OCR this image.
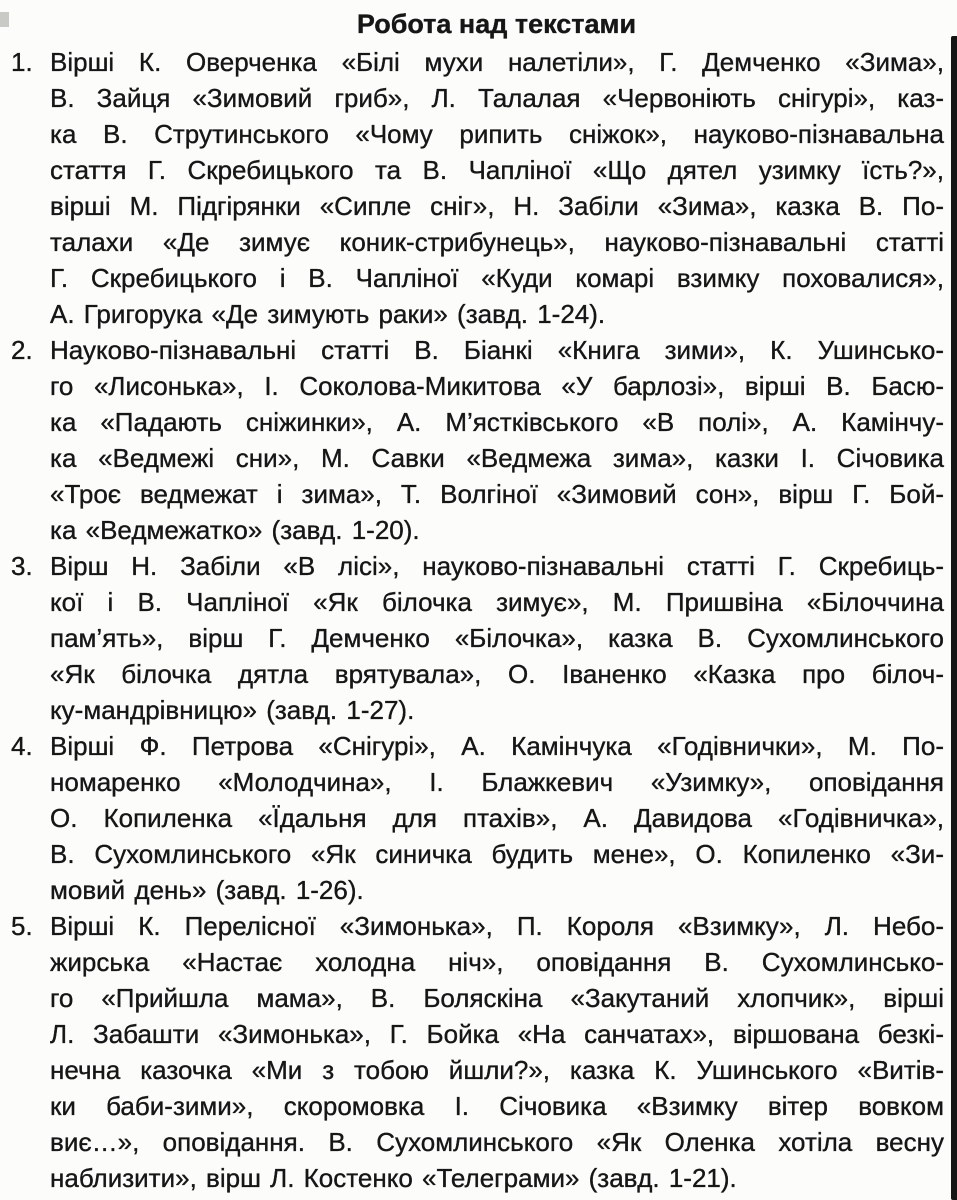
Робота над текстами
1. Вірші К. Оверченка «Білі мухи налетіли», Г. Демченко «Зима»,
В. Зайця «Зимовий гриб», Л. Талалая «Червоніють снігурі», каз-
ка В. Струтинського «Чому рипить сніжок», науково-пізнавальна
стаття Г. Скребицького та В. Чапліної «Що дятел узимку їсть?»,
вірші М. Підгірянки «Сипле сніг», Н. Забіли «Зима», казка В. По-
талахи «Де зимує коник-стрибунець», науково-пізнавальні статті
Г. Скребицького і В. Чапліної «Куди комарі взимку поховалися»,
А. Григорука «Де зимують раки» (завд. 1-24).
2. Науково-пізнавальні статті В. Біанкі «Книга зими», К. Ушинсько-
го «Лисонька», І. Соколова-Микитова «У барлозі», вірші В. Басю-
ка «Падають сніжинки», А. М’ястківського «В полі», А. Камінчу-
ка «Ведмежі сни», М. Савки «Ведмежа зима», казки І. Січовика
«Троє ведмежат і зима», Т. Волгіної «Зимовий сон», вірш Г. Бой-
ка «Ведмежатко» (завд. 1-20).
3. Вірш Н. Забіли «В лісі», науково-пізнавальні статті Г. Скребиць-
кої і В. Чапліної «Як білочка зимує», М. Пришвіна «Білоччина
пам’ять», вірш Г. Демченко «Білочка», казка В. Сухомлинського
«Як білочка дятла врятувала», О. Іваненко «Казка про білоч-
ку-мандрівницю» (завд. 1-27).
4. Вірші Ф. Петрова «Снігурі», А. Камінчука «Годівнички», М. По-
номаренко «Молодчина», І. Блажкевич «Узимку», оповідання
О. Копиленка «Їдальня для птахів», А. Давидова «Годівничка»,
В. Сухомлинського «Як синичка будить мене», О. Копиленко «Зи-
мовий день» (завд. 1-26).
5. Вірші К. Перелісної «Зимонька», П. Короля «Взимку», Л. Небо-
жирська «Настає холодна ніч», оповідання В. Сухомлинсько-
го «Прийшла мама», В. Боляскіна «Закутаний хлопчик», вірші
Л. Забашти «Зимонька», Г. Бойка «На санчатах», віршована безкі-
нечна казочка «Ми з тобою йшли?», казка К. Ушинського «Витів-
ки баби-зими», скоромовка І. Січовика «Взимку вітер вовком
виє…», оповідання. В. Сухомлинського «Як Оленка хотіла весну
наблизити», вірш Л. Костенко «Телеграми» (завд. 1-21).
